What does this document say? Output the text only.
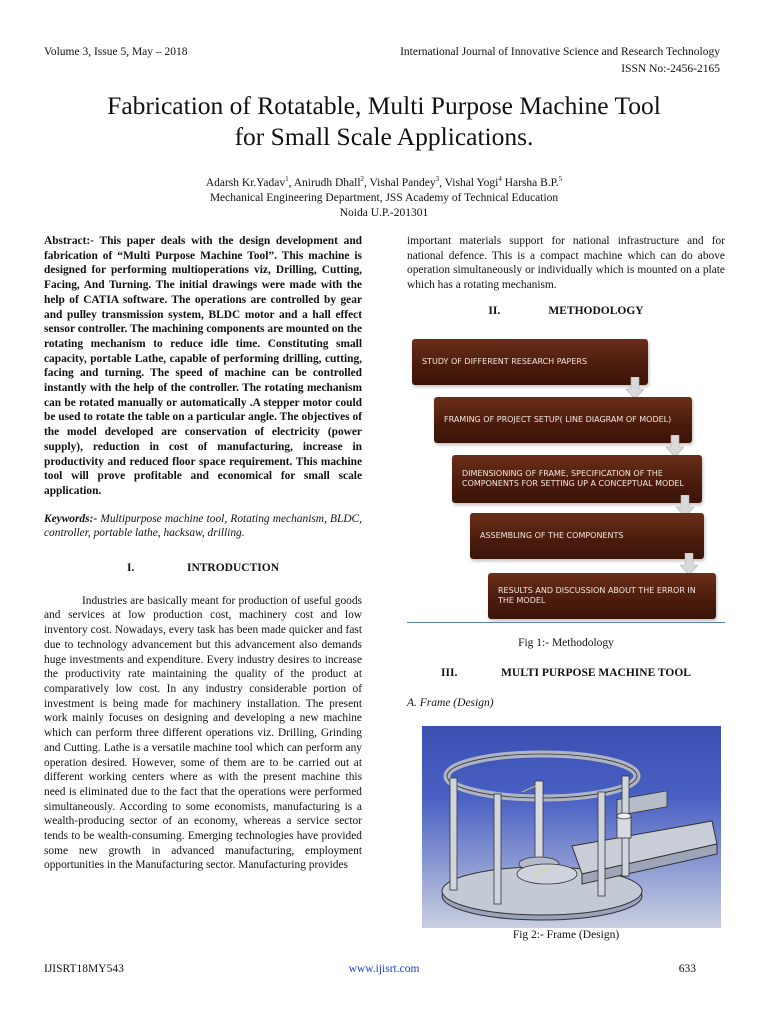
Volume 3, Issue 5, May – 2018	International Journal of Innovative Science and Research Technology
ISSN No:-2456-2165
Fabrication of Rotatable, Multi Purpose Machine Tool
for Small Scale Applications.
Adarsh Kr.Yadav$^1$, Anirudh Dhall$^2$, Vishal Pandey$^3$, Vishal Yogi$^4$ Harsha B.P.$^5$
Mechanical Engineering Department, JSS Academy of Technical Education
Noida U.P.-201301

Abstract:- This paper deals with the design development and fabrication of “Multi Purpose Machine Tool”. This machine is designed for performing multioperations viz, Drilling, Cutting, Facing, And Turning. The initial drawings were made with the help of CATIA software. The operations are controlled by gear and pulley transmission system, BLDC motor and a hall effect sensor controller. The machining components are mounted on the rotating mechanism to reduce idle time. Constituting small capacity, portable Lathe, capable of performing drilling, cutting, facing and turning. The speed of machine can be controlled instantly with the help of the controller. The rotating mechanism can be rotated manually or automatically .A stepper motor could be used to rotate the table on a particular angle. The objectives of the model developed are conservation of electricity (power supply), reduction in cost of manufacturing, increase in productivity and reduced floor space requirement. This machine tool will prove profitable and economical for small scale application.

Keywords:- Multipurpose machine tool, Rotating mechanism, BLDC, controller, portable lathe, hacksaw, drilling.

I.	INTRODUCTION

Industries are basically meant for production of useful goods and services at low production cost, machinery cost and low inventory cost. Nowadays, every task has been made quicker and fast due to technology advancement but this advancement also demands huge investments and expenditure. Every industry desires to increase the productivity rate maintaining the quality of the product at comparatively low cost. In any industry considerable portion of investment is being made for machinery installation. The present work mainly focuses on designing and developing a new machine which can perform three different operations viz. Drilling, Grinding and Cutting. Lathe is a versatile machine tool which can perform any operation desired. However, some of them are to be carried out at different working centers where as with the present machine this need is eliminated due to the fact that the operations were performed simultaneously. According to some economists, manufacturing is a wealth-producing sector of an economy, whereas a service sector tends to be wealth-consuming. Emerging technologies have provided some new growth in advanced manufacturing, employment opportunities in the Manufacturing sector. Manufacturing provides

important materials support for national infrastructure and for national defence. This is a compact machine which can do above operation simultaneously or individually which is mounted on a plate which has a rotating mechanism.

II.	METHODOLOGY
STUDY OF DIFFERENT RESEARCH PAPERS
FRAMING OF PROJECT SETUP( LINE DIAGRAM OF MODEL)
DIMENSIONING OF FRAME, SPECIFICATION OF THE COMPONENTS FOR SETTING UP A CONCEPTUAL MODEL
ASSEMBLING OF THE COMPONENTS
RESULTS AND DISCUSSION ABOUT THE ERROR IN THE MODEL
Fig 1:- Methodology
III.	MULTI PURPOSE MACHINE TOOL
A. Frame (Design)
Fig 2:- Frame (Design)
IJISRT18MY543	www.ijisrt.com	633
